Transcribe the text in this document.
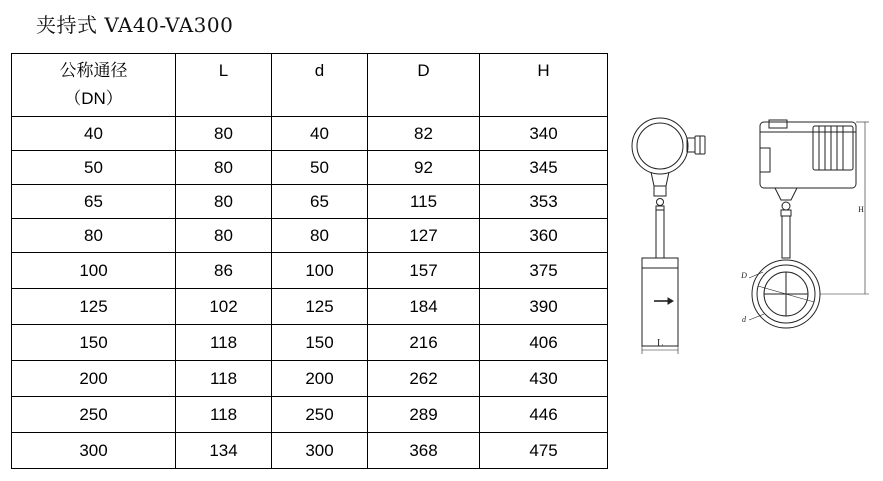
夹持式 VA40-VA300
公称通径
（DN）	L	d	D	H
40	80	40	82	340
50	80	50	92	345
65	80	65	115	353
80	80	80	127	360
100	86	100	157	375
125	102	125	184	390
150	118	150	216	406
200	118	200	262	430
250	118	250	289	446
300	134	300	368	475
L
H
D
d
